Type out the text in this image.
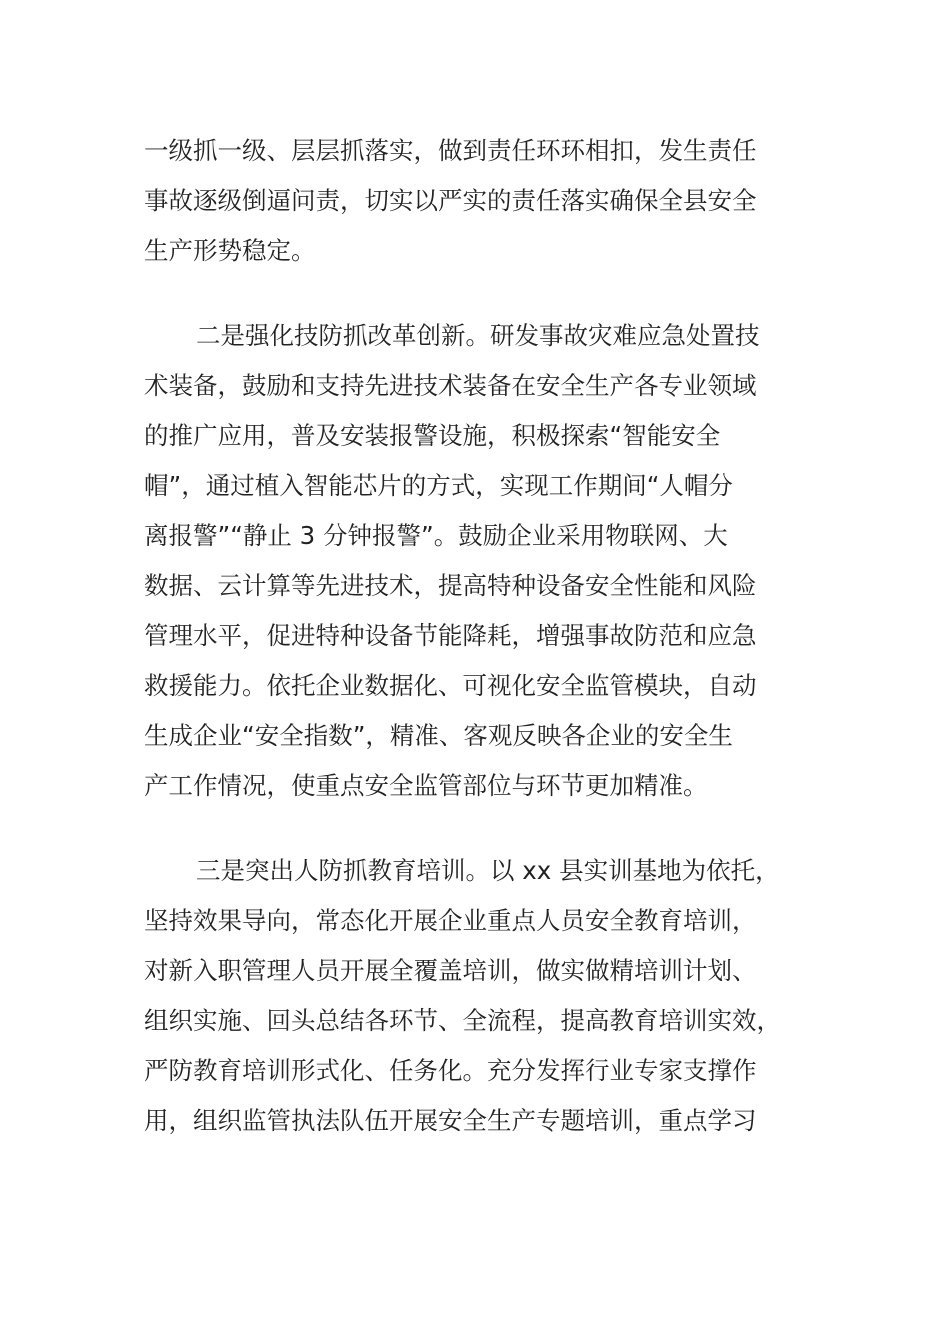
一级抓一级、层层抓落实，做到责任环环相扣，发生责任
事故逐级倒逼问责，切实以严实的责任落实确保全县安全
生产形势稳定。
二是强化技防抓改革创新。研发事故灾难应急处置技
术装备，鼓励和支持先进技术装备在安全生产各专业领域
的推广应用，普及安装报警设施，积极探索“智能安全
帽”，通过植入智能芯片的方式，实现工作期间“人帽分
离报警”“静止 3 分钟报警”。鼓励企业采用物联网、大
数据、云计算等先进技术，提高特种设备安全性能和风险
管理水平，促进特种设备节能降耗，增强事故防范和应急
救援能力。依托企业数据化、可视化安全监管模块，自动
生成企业“安全指数”，精准、客观反映各企业的安全生
产工作情况，使重点安全监管部位与环节更加精准。
三是突出人防抓教育培训。以 xx 县实训基地为依托，
坚持效果导向，常态化开展企业重点人员安全教育培训，
对新入职管理人员开展全覆盖培训，做实做精培训计划、
组织实施、回头总结各环节、全流程，提高教育培训实效，
严防教育培训形式化、任务化。充分发挥行业专家支撑作
用，组织监管执法队伍开展安全生产专题培训，重点学习
